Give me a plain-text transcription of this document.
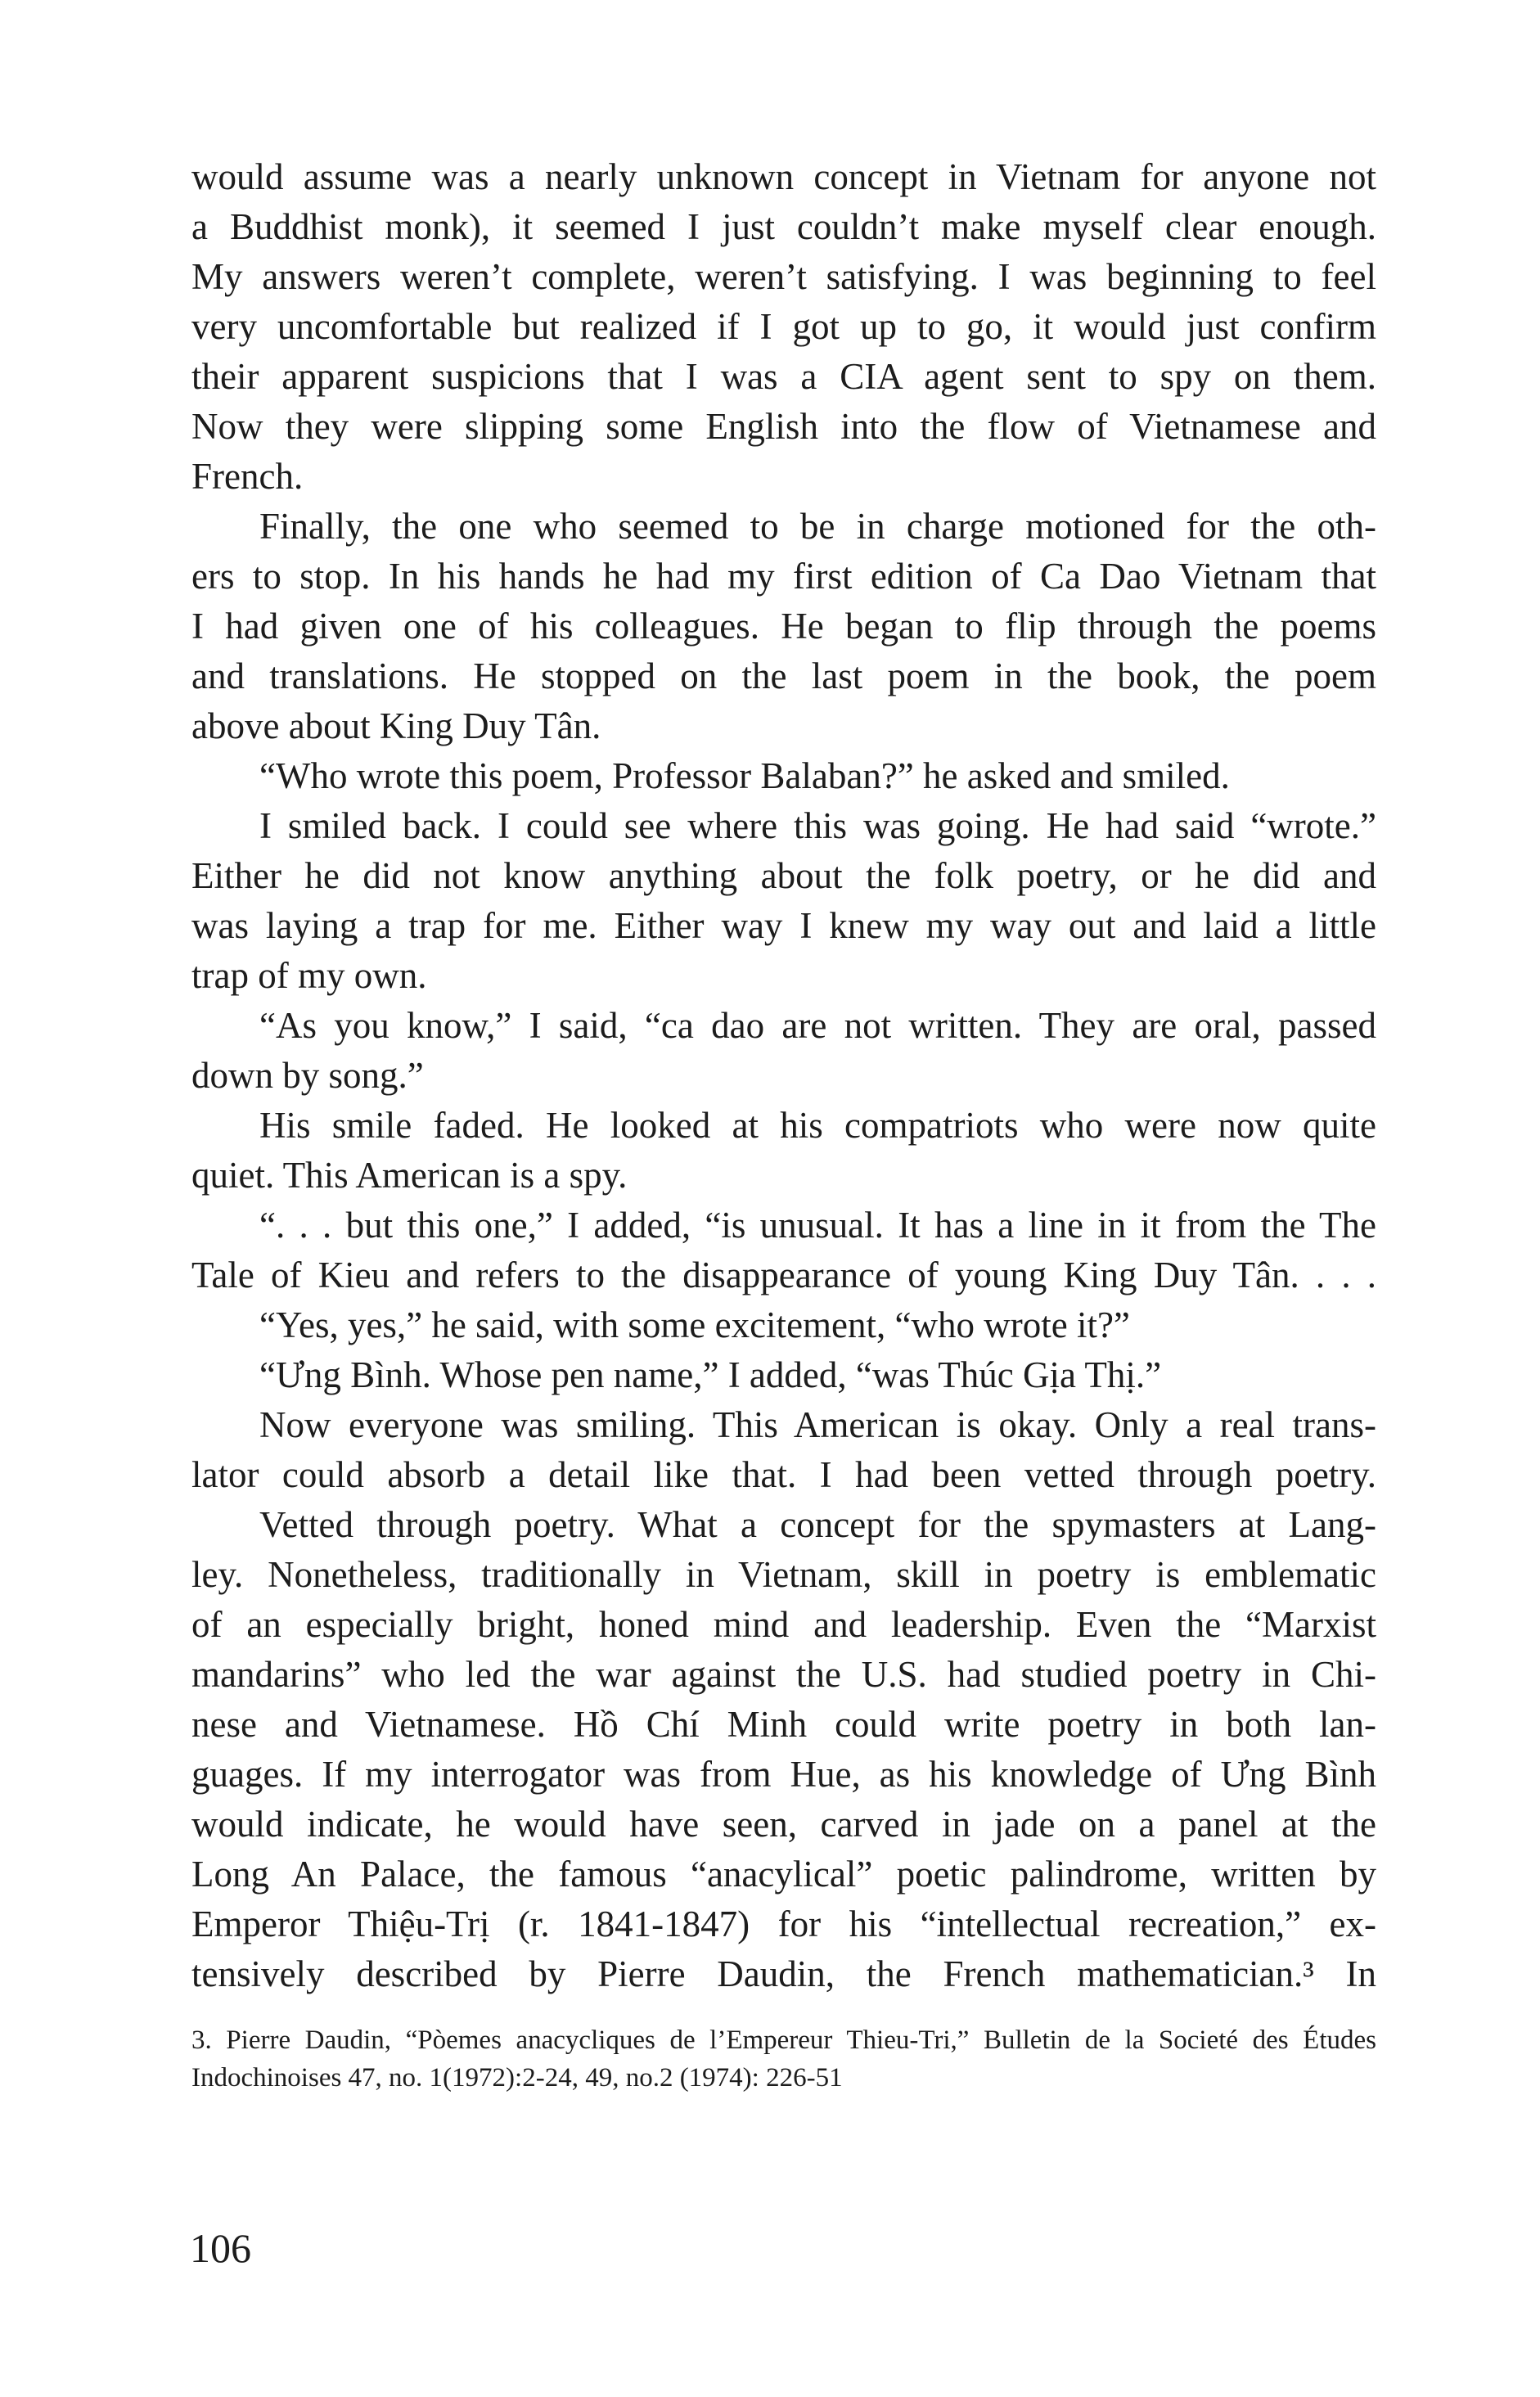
would assume was a nearly unknown concept in Vietnam for anyone not
a Buddhist monk), it seemed I just couldn’t make myself clear enough.
My answers weren’t complete, weren’t satisfying. I was beginning to feel
very uncomfortable but realized if I got up to go, it would just confirm
their apparent suspicions that I was a CIA agent sent to spy on them.
Now they were slipping some English into the flow of Vietnamese and
French.
Finally, the one who seemed to be in charge motioned for the oth-
ers to stop. In his hands he had my first edition of Ca Dao Vietnam that
I had given one of his colleagues. He began to flip through the poems
and translations. He stopped on the last poem in the book, the poem
above about King Duy Tân.
“Who wrote this poem, Professor Balaban?” he asked and smiled.
I smiled back. I could see where this was going. He had said “wrote.”
Either he did not know anything about the folk poetry, or he did and
was laying a trap for me. Either way I knew my way out and laid a little
trap of my own.
“As you know,” I said, “ca dao are not written. They are oral, passed
down by song.”
His smile faded. He looked at his compatriots who were now quite
quiet. This American is a spy.
“. . . but this one,” I added, “is unusual. It has a line in it from the The
Tale of Kieu and refers to the disappearance of young King Duy Tân. . . .
“Yes, yes,” he said, with some excitement, “who wrote it?”
“Ưng Bình. Whose pen name,” I added, “was Thúc Gịa Thị.”
Now everyone was smiling. This American is okay. Only a real trans-
lator could absorb a detail like that. I had been vetted through poetry.
Vetted through poetry. What a concept for the spymasters at Lang-
ley. Nonetheless, traditionally in Vietnam, skill in poetry is emblematic
of an especially bright, honed mind and leadership. Even the “Marxist
mandarins” who led the war against the U.S. had studied poetry in Chi-
nese and Vietnamese. Hồ Chí Minh could write poetry in both lan-
guages. If my interrogator was from Hue, as his knowledge of Ưng Bình
would indicate, he would have seen, carved in jade on a panel at the
Long An Palace, the famous “anacylical” poetic palindrome, written by
Emperor Thiệu-Trị (r. 1841-1847) for his “intellectual recreation,” ex-
tensively described by Pierre Daudin, the French mathematician.³ In
3. Pierre Daudin, “Pòemes anacycliques de l’Empereur Thieu-Tri,” Bulletin de la Societé des Études
Indochinoises 47, no. 1(1972):2-24, 49, no.2 (1974): 226-51
106
